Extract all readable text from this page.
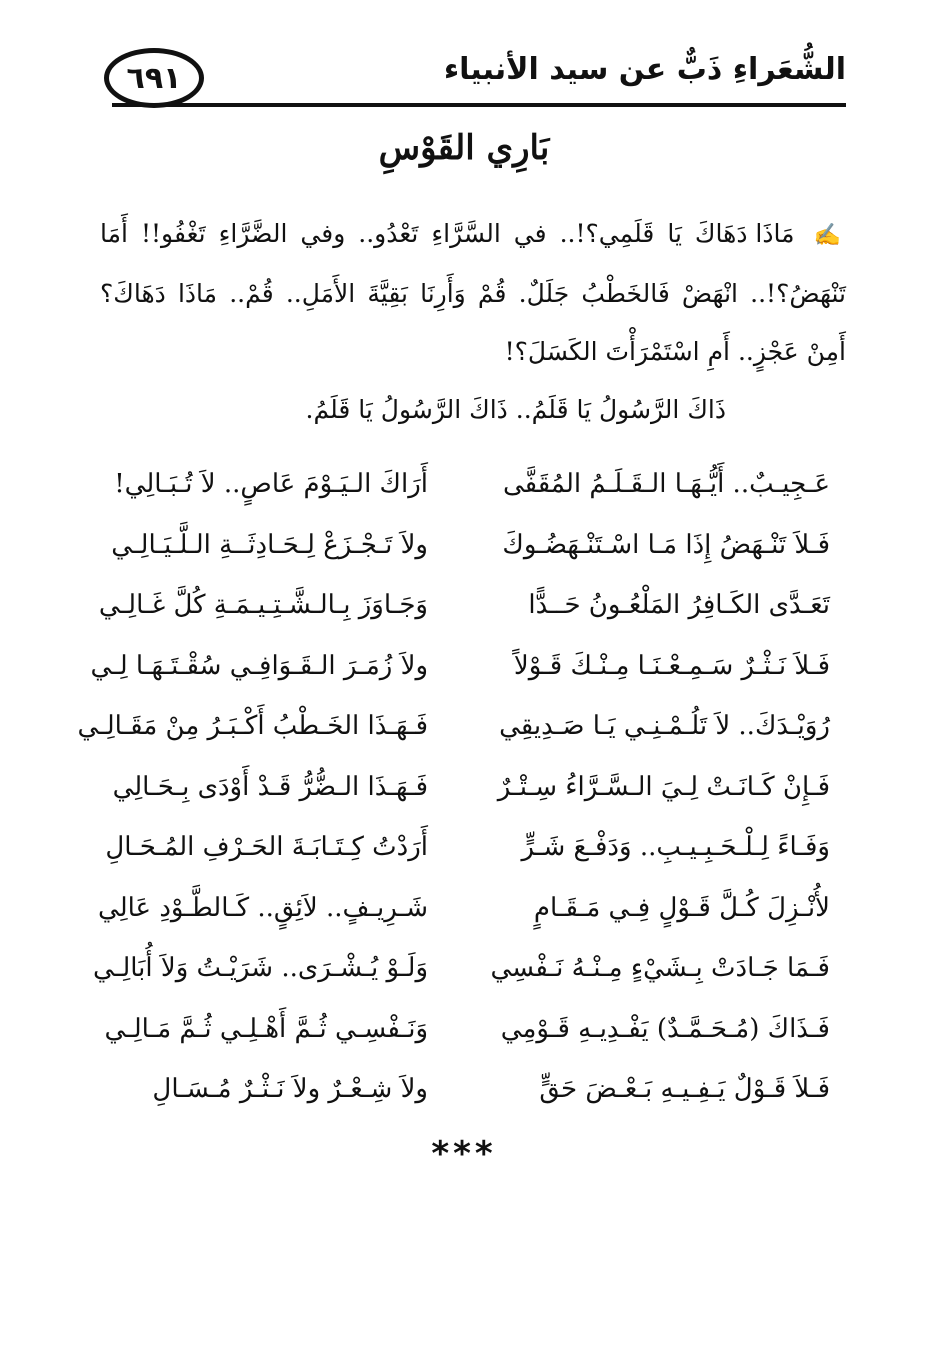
الشُّعَراءِ ذَبٌّ عن سيد الأنبياء
٦٩١
بَارِي القَوْسِ

✍ مَاذَا دَهَاكَ يَا قَلَمِي؟!.. في السَّرَّاءِ تَعْدُو.. وفي الضَّرَّاءِ تَغْفُو!! أَمَا تَنْهَضُ؟!.. انْهَضْ فَالخَطْبُ جَلَلٌ. قُمْ وَأَرِنَا بَقِيَّةَ الأَمَلِ.. قُمْ.. مَاذَا دَهَاكَ؟ أَمِنْ عَجْزٍ.. أَمِ اسْتَمْرَأْتَ الكَسَلَ؟!

ذَاكَ الرَّسُولُ يَا قَلَمُ.. ذَاكَ الرَّسُولُ يَا قَلَمُ.

عَـجِيـبٌ.. أَيُّـهَـا الـقَـلَـمُ المُقَفَّى
أَرَاكَ الـيَـوْمَ عَاصٍ.. لاَ تُـبَـالِي!
فَـلاَ تَنْـهَضُ إِذَا مَـا اسْـتَنْـهَضُـوكَ
ولاَ تَـجْـزَعْ لِـحَـادِثَــةِ الـلَّـيَـالِـي
تَعَـدَّى الكَـافِرُ المَلْعُـونُ حَــدًّا
وَجَـاوَزَ بِـالـشَّـتِـيـمَـةِ كُلَّ غَـالِـي
فَـلاَ نَـثْـرٌ سَـمِـعْـنَـا مِـنْـكَ قَـوْلاً
ولاَ زُمَـرَ الـقَـوَافِـي سُقْـتَـهَـا لِـي
رُوَيْـدَكَ.. لاَ تَلُـمْـنِـي يَـا صَـدِيقِي
فَـهَـذَا الخَـطْبُ أَكْـبَـرُ مِنْ مَقَـالِـي
فَـإِنْ كَـانَـتْ لِـيَ الـسَّـرَّاءُ سِـتْـرٌ
فَـهَـذَا الـضُّرُّ قَـدْ أَوْدَى بِـحَـالِي
وَفَـاءً لِـلْـحَـبِـيـبِ.. وَدَفْـعَ شَـرٍّ
أَرَدْتُ كِـتَـابَـةَ الحَـرْفِ المُـحَـالِ
لأُنْـزِلَ كُـلَّ قَـوْلٍ فِـي مَـقَـامٍ
شَـرِيـفٍ.. لاَئِقٍ.. كَـالطَّـوْدِ عَالِي
فَـمَا جَـادَتْ بِـشَيْءٍ مِـنْـهُ نَـفْسِي
وَلَـوْ يُـشْـرَى.. شَرَيْـتُ وَلاَ أُبَالِـي
فَـذَاكَ (مُـحَـمَّـدٌ) يَفْـدِيـهِ قَـوْمِي
وَنَـفْسِـي ثُـمَّ أَهْـلِـي ثُـمَّ مَـالِـي
فَـلاَ قَـوْلٌ يَـفِـيـهِ بَـعْـضَ حَقٍّ
ولاَ شِـعْـرٌ ولاَ نَـثْـرٌ مُـسَـالِ
***
